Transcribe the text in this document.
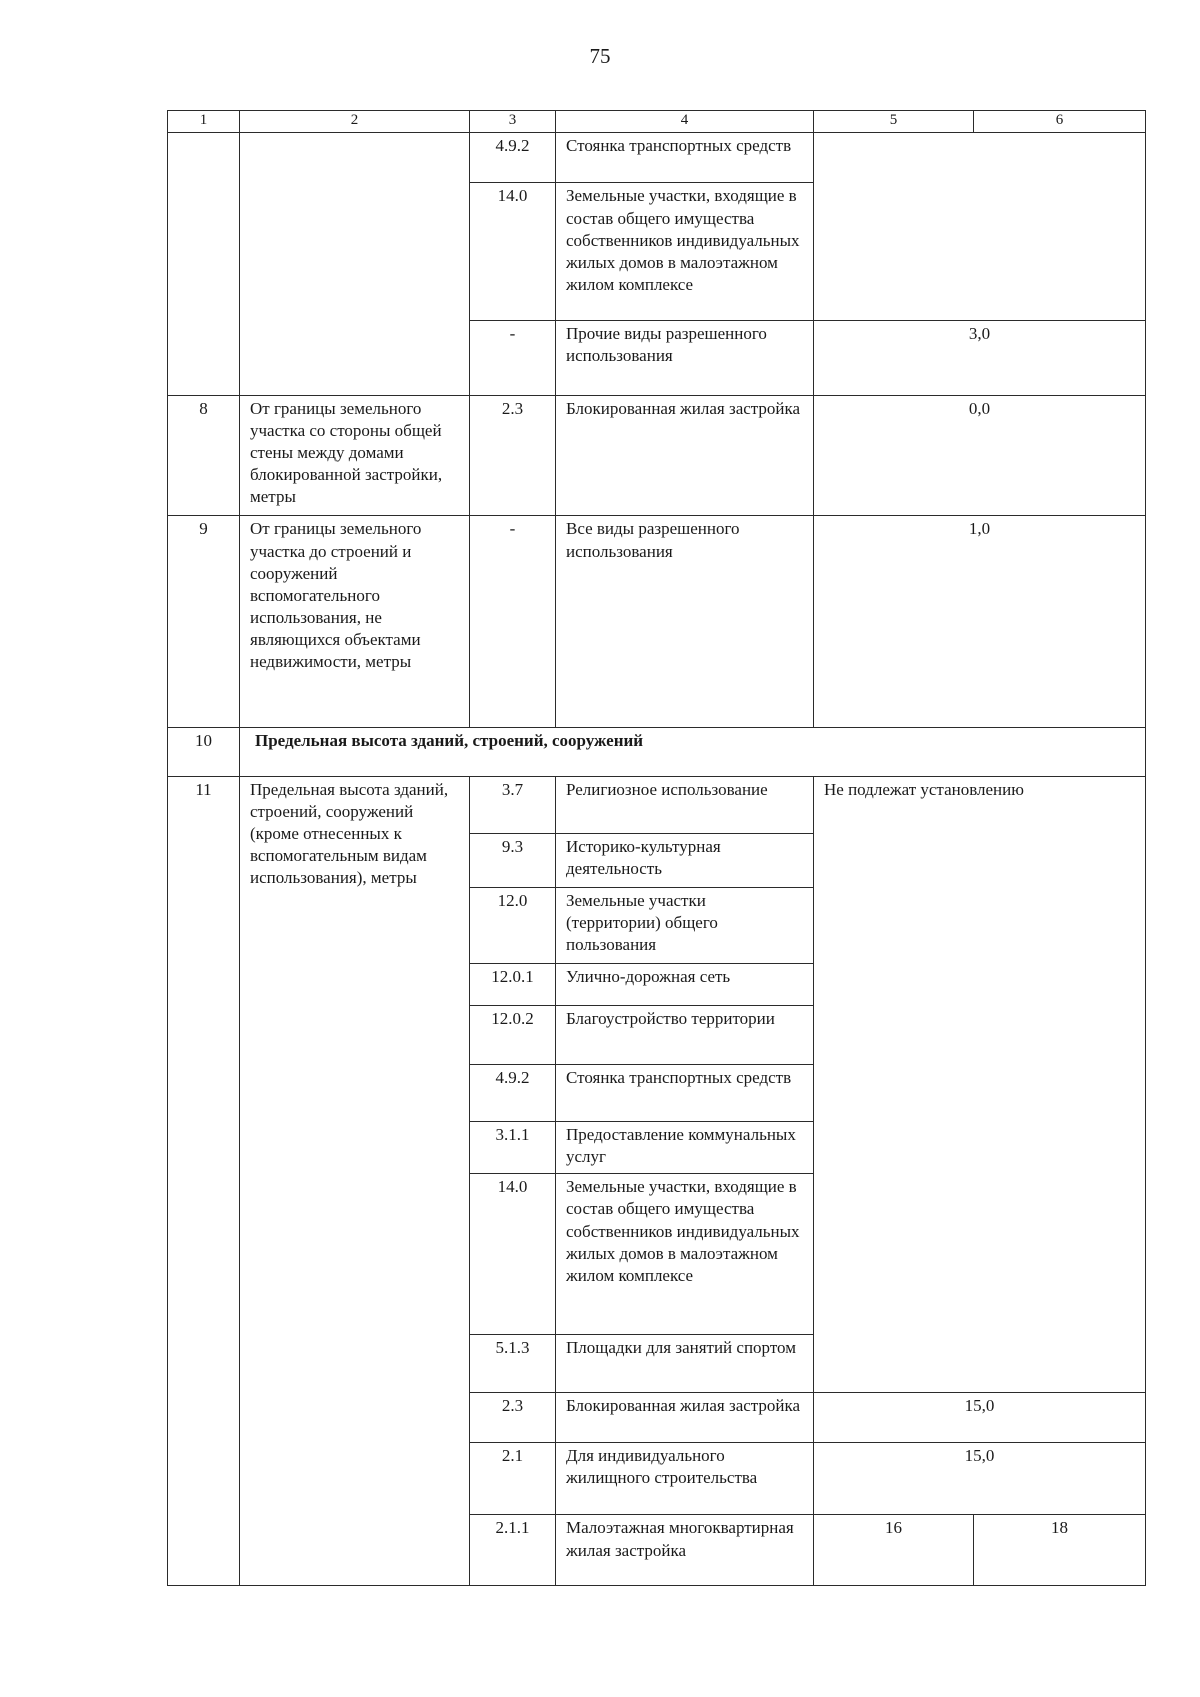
75
1	2	3	4	5	6
		4.9.2	Стоянка транспортных средств		
		14.0	Земельные участки, входящие в состав общего имущества собственников индивидуальных жилых домов в малоэтажном жилом комплексе		
		-	Прочие виды разрешенного использования	3,0	
8	От границы земельного участка со стороны общей стены между домами блокированной застройки, метры	2.3	Блокированная жилая застройка	0,0	
9	От границы земельного участка до строений и сооружений вспомогательного использования, не являющихся объектами недвижимости, метры	-	Все виды разрешенного использования	1,0	
10	Предельная высота зданий, строений, сооружений				
11	Предельная высота зданий, строений, сооружений (кроме отнесенных к вспомогательным видам использования), метры	3.7	Религиозное использование	Не подлежат установлению	
		9.3	Историко-культурная деятельность		
		12.0	Земельные участки (территории) общего пользования		
		12.0.1	Улично-дорожная сеть		
		12.0.2	Благоустройство территории		
		4.9.2	Стоянка транспортных средств		
		3.1.1	Предоставление коммунальных услуг		
		14.0	Земельные участки, входящие в состав общего имущества собственников индивидуальных жилых домов в малоэтажном жилом комплексе		
		5.1.3	Площадки для занятий спортом		
		2.3	Блокированная жилая застройка	15,0	
		2.1	Для индивидуального жилищного строительства	15,0	
		2.1.1	Малоэтажная многоквартирная жилая застройка	16	18
